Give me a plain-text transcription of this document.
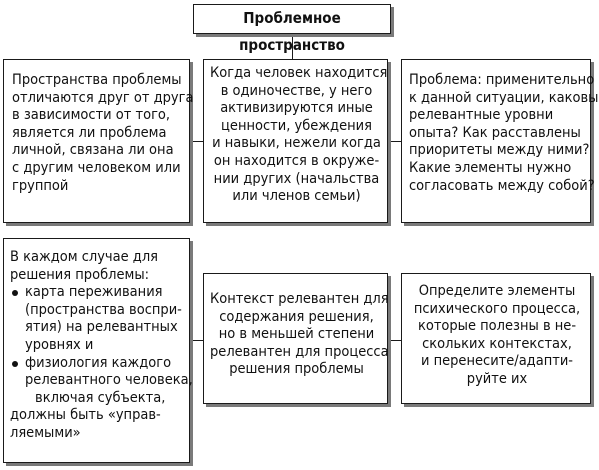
Проблемное пространство
Пространства проблемы
отличаются друг от друга
в зависимости от того,
является ли проблема
личной, связана ли она
с другим человеком или
группой
Когда человек находится
в одиночестве, у него
активизируются иные
ценности, убеждения
и навыки, нежели когда
он находится в окруже-
нии других (начальства
или членов семьи)
Проблема: применительно
к данной ситуации, каковы
релевантные уровни
опыта? Как расставлены
приоритеты между ними?
Какие элементы нужно
согласовать между собой?
В каждом случае для
решения проблемы:
карта переживания
(пространства воспри-
ятия) на релевантных
уровнях и
физиология каждого
релевантного человека,
включая субъекта,
должны быть «управ-
ляемыми»
Контекст релевантен для
содержания решения,
но в меньшей степени
релевантен для процесса
решения проблемы
Определите элементы
психического процесса,
которые полезны в не-
скольких контекстах,
и перенесите/адапти-
руйте их
